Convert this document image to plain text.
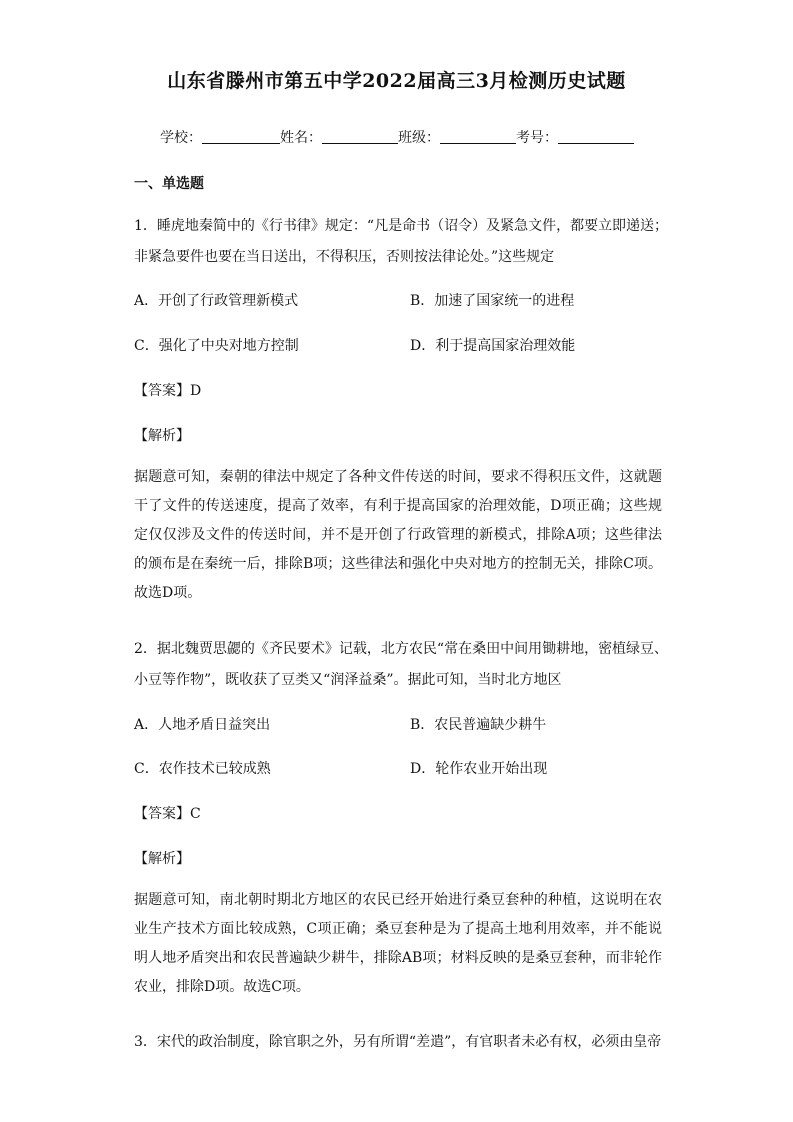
山东省滕州市第五中学2022届高三3月检测历史试题
学校：	姓名：	班级：	考号：
一、单选题
1．睡虎地秦简中的《行书律》规定：“凡是命书（诏令）及紧急文件，都要立即递送；
非紧急要件也要在当日送出，不得积压，否则按法律论处。”这些规定
A．开创了行政管理新模式	B．加速了国家统一的进程
C．强化了中央对地方控制	D．利于提高国家治理效能
【答案】D
【解析】
据题意可知，秦朝的律法中规定了各种文件传送的时间，要求不得积压文件，这就题干了文件的传送速度，提高了效率，有利于提高国家的治理效能，D项正确；这些规定仅仅涉及文件的传送时间，并不是开创了行政管理的新模式，排除A项；这些律法的颁布是在秦统一后，排除B项；这些律法和强化中央对地方的控制无关，排除C项。故选D项。
2．据北魏贾思勰的《齐民要术》记载，北方农民“常在桑田中间用锄耕地，密植绿豆、
小豆等作物”，既收获了豆类又“润泽益桑”。据此可知，当时北方地区
A．人地矛盾日益突出	B．农民普遍缺少耕牛
C．农作技术已较成熟	D．轮作农业开始出现
【答案】C
【解析】
据题意可知，南北朝时期北方地区的农民已经开始进行桑豆套种的种植，这说明在农业生产技术方面比较成熟，C项正确；桑豆套种是为了提高土地利用效率，并不能说明人地矛盾突出和农民普遍缺少耕牛，排除AB项；材料反映的是桑豆套种，而非轮作农业，排除D项。故选C项。
3．宋代的政治制度，除官职之外，另有所谓“差遣”，有官职者未必有权，必须由皇帝
